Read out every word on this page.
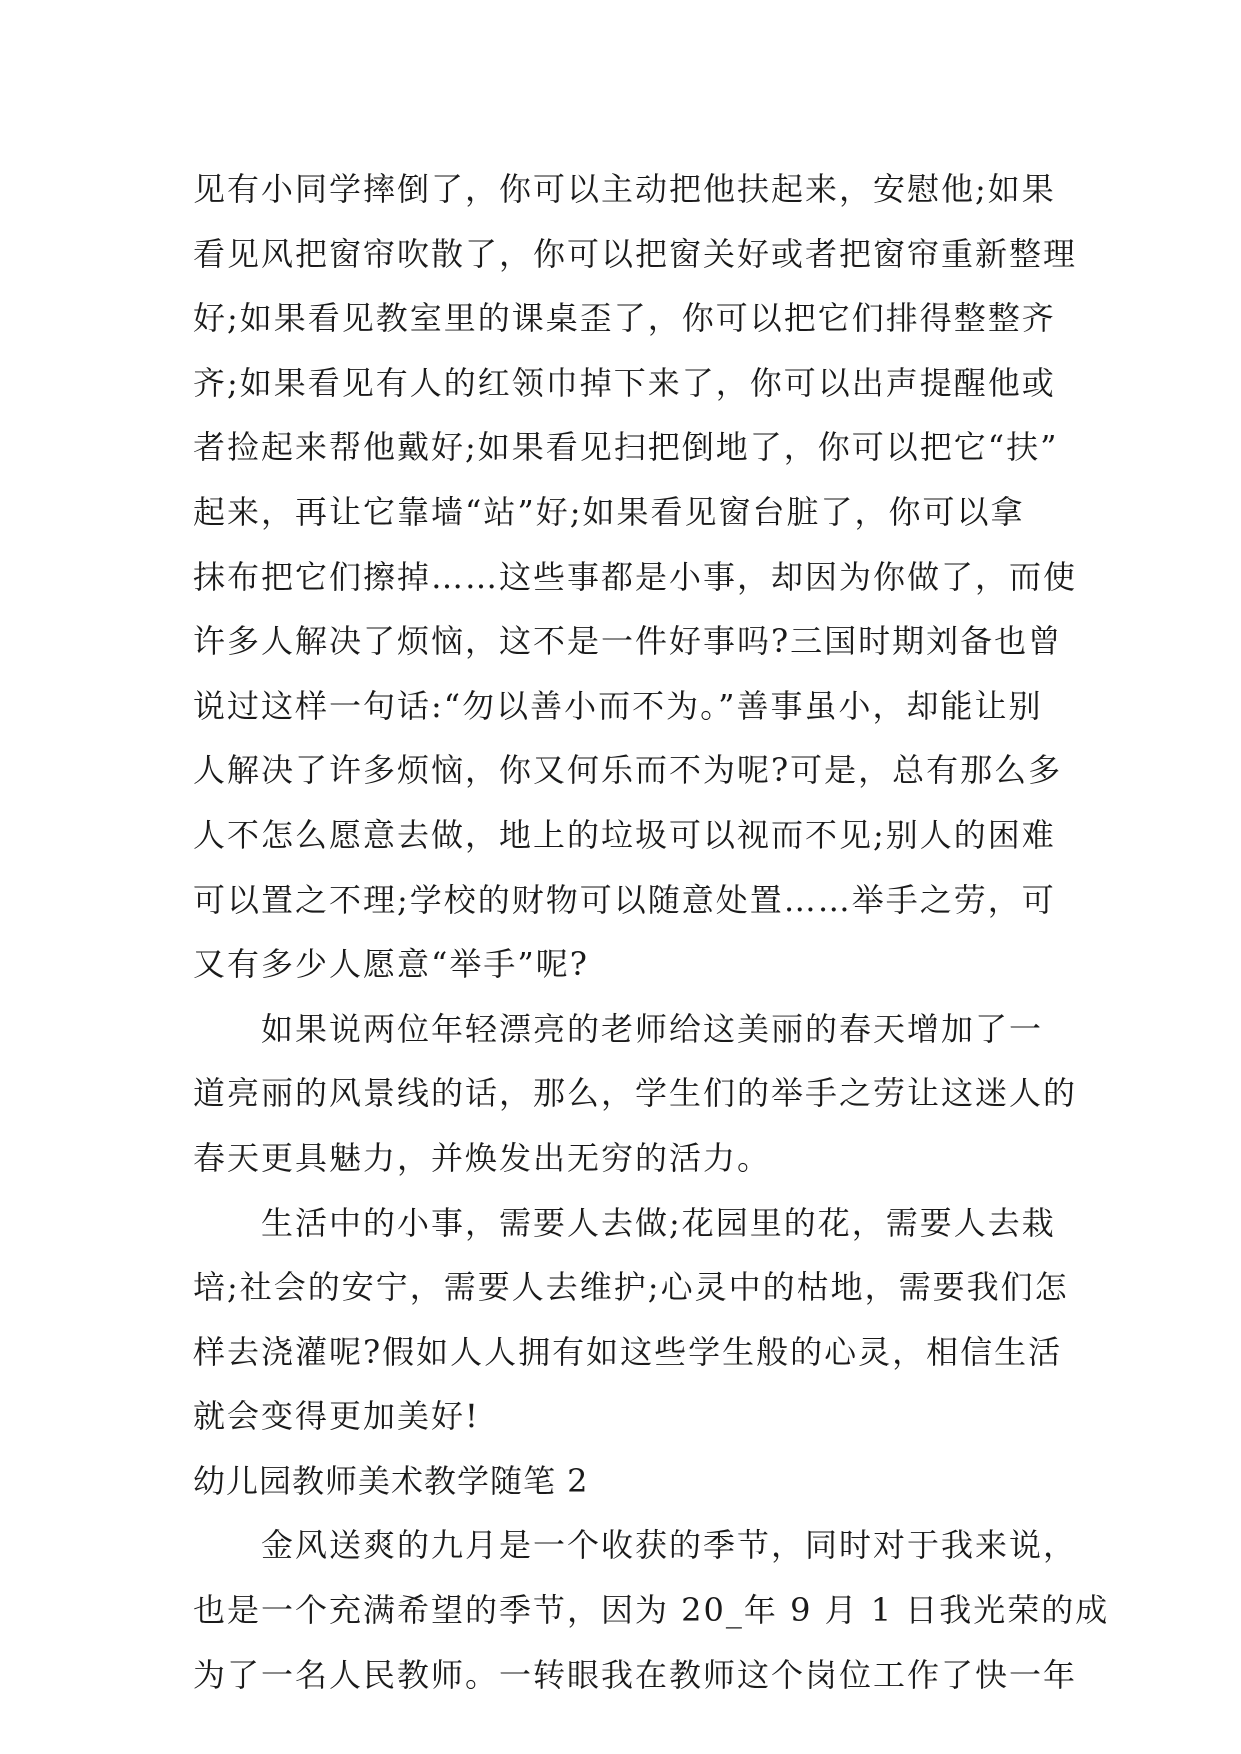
见有小同学摔倒了，你可以主动把他扶起来，安慰他;如果
看见风把窗帘吹散了，你可以把窗关好或者把窗帘重新整理
好;如果看见教室里的课桌歪了，你可以把它们排得整整齐
齐;如果看见有人的红领巾掉下来了，你可以出声提醒他或
者捡起来帮他戴好;如果看见扫把倒地了，你可以把它“扶”
起来，再让它靠墙“站”好;如果看见窗台脏了，你可以拿
抹布把它们擦掉……这些事都是小事，却因为你做了，而使
许多人解决了烦恼，这不是一件好事吗?三国时期刘备也曾
说过这样一句话:“勿以善小而不为。”善事虽小，却能让别
人解决了许多烦恼，你又何乐而不为呢?可是，总有那么多
人不怎么愿意去做，地上的垃圾可以视而不见;别人的困难
可以置之不理;学校的财物可以随意处置……举手之劳，可
又有多少人愿意“举手”呢?
　　如果说两位年轻漂亮的老师给这美丽的春天增加了一
道亮丽的风景线的话，那么，学生们的举手之劳让这迷人的
春天更具魅力，并焕发出无穷的活力。
　　生活中的小事，需要人去做;花园里的花，需要人去栽
培;社会的安宁，需要人去维护;心灵中的枯地，需要我们怎
样去浇灌呢?假如人人拥有如这些学生般的心灵，相信生活
就会变得更加美好!
幼儿园教师美术教学随笔 2
　　金风送爽的九月是一个收获的季节，同时对于我来说，
也是一个充满希望的季节，因为 20_年 9 月 1 日我光荣的成
为了一名人民教师。一转眼我在教师这个岗位工作了快一年
